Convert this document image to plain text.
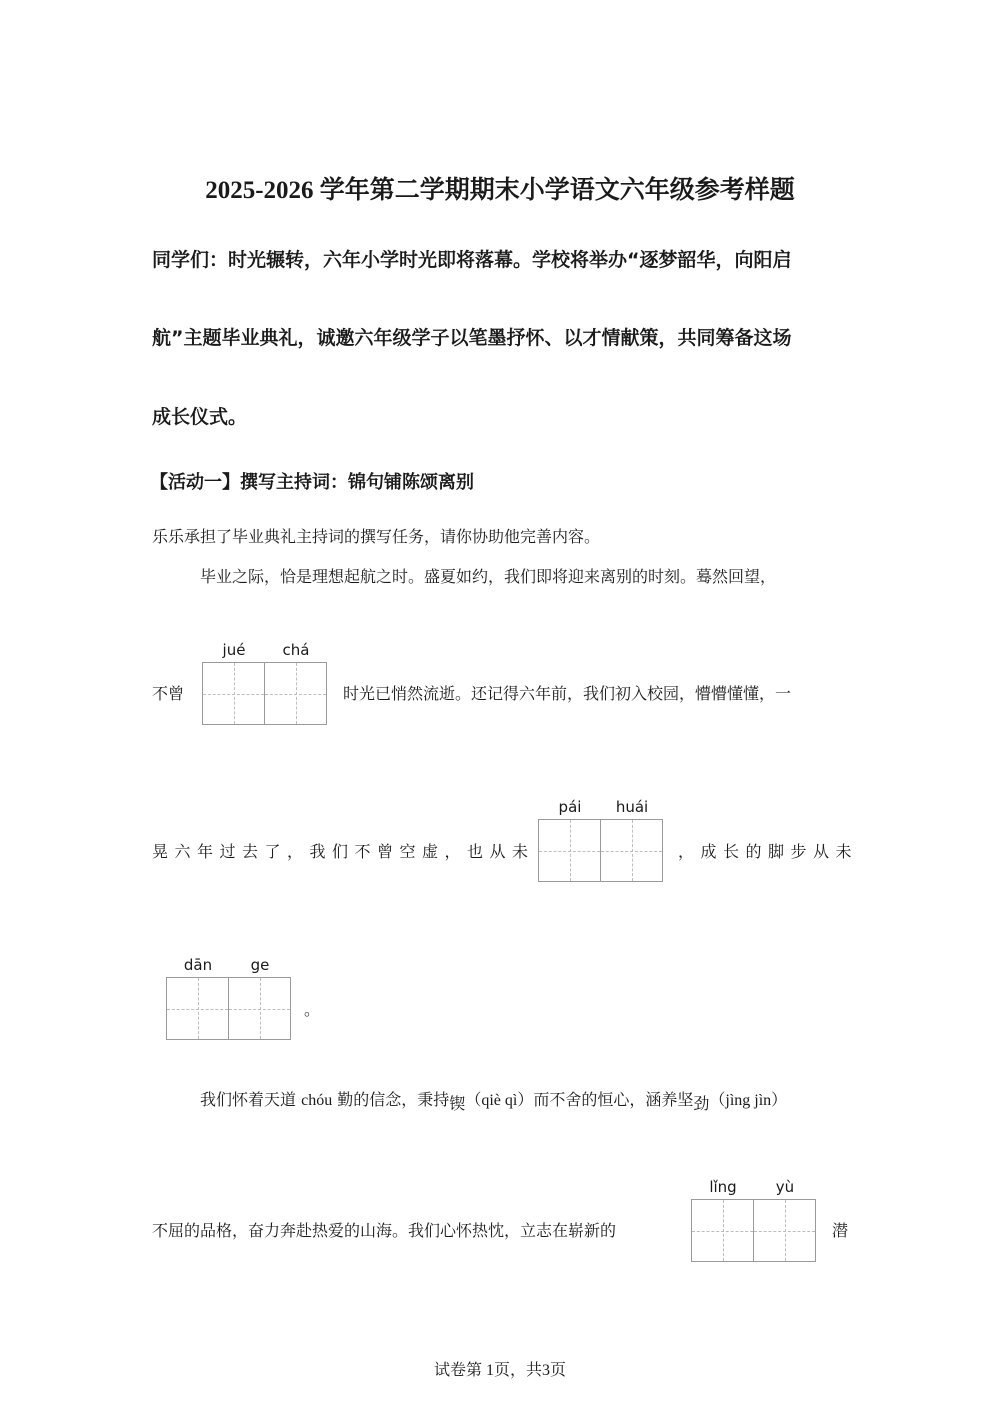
2025-2026 学年第二学期期末小学语文六年级参考样题
同学们：时光辗转，六年小学时光即将落幕。学校将举办“逐梦韶华，向阳启
航”主题毕业典礼，诚邀六年级学子以笔墨抒怀、以才情献策，共同筹备这场
成长仪式。
【活动一】撰写主持词：锦句铺陈颂离别
乐乐承担了毕业典礼主持词的撰写任务，请你协助他完善内容。
毕业之际，恰是理想起航之时。盛夏如约，我们即将迎来离别的时刻。蓦然回望，
不曾
jué	chá
时光已悄然流逝。还记得六年前，我们初入校园，懵懵懂懂，一
晃六年过去了，我们不曾空虚，也从未
pái	huái
，成长的脚步从未
dān	ge
。
我们怀着天道 chóu 勤的信念，秉持锲（qiè qì）而不舍的恒心，涵养坚劲（jìng jìn）
不屈的品格，奋力奔赴热爱的山海。我们心怀热忱，立志在崭新的
lǐng	yù
潜
试卷第 1页，共3页
